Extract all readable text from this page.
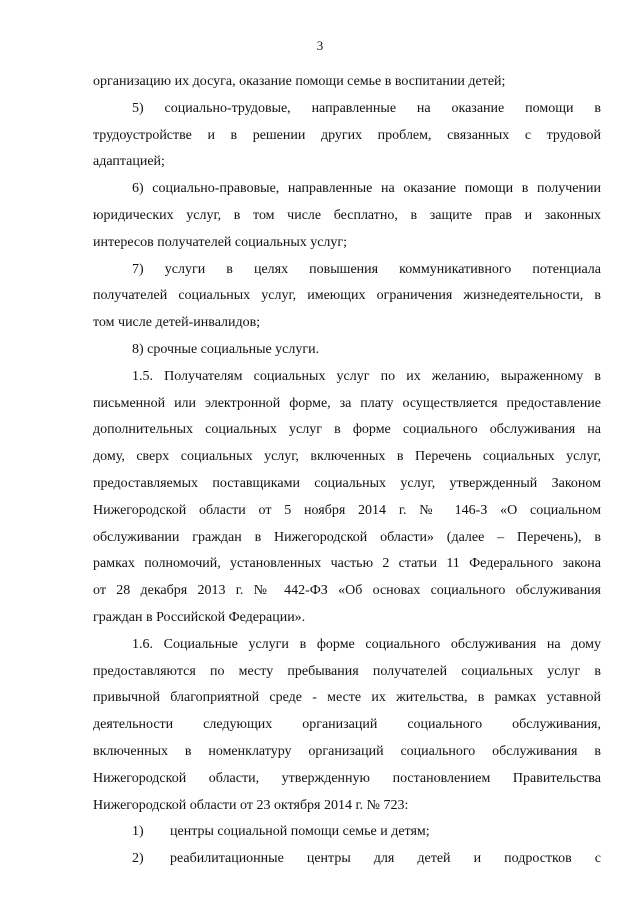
3
организацию их досуга, оказание помощи семье в воспитании детей;
5) социально-трудовые, направленные на оказание помощи в
трудоустройстве и в решении других проблем, связанных с трудовой
адаптацией;
6) социально-правовые, направленные на оказание помощи в получении
юридических услуг, в том числе бесплатно, в защите прав и законных
интересов получателей социальных услуг;
7) услуги в целях повышения коммуникативного потенциала
получателей социальных услуг, имеющих ограничения жизнедеятельности, в
том числе детей-инвалидов;
8) срочные социальные услуги.
1.5. Получателям социальных услуг по их желанию, выраженному в
письменной или электронной форме, за плату осуществляется предоставление
дополнительных социальных услуг в форме социального обслуживания на
дому, сверх социальных услуг, включенных в Перечень социальных услуг,
предоставляемых поставщиками социальных услуг, утвержденный Законом
Нижегородской области от 5 ноября 2014 г. № 146-З «О социальном
обслуживании граждан в Нижегородской области» (далее – Перечень), в
рамках полномочий, установленных частью 2 статьи 11 Федерального закона
от 28 декабря 2013 г. № 442-ФЗ «Об основах социального обслуживания
граждан в Российской Федерации».
1.6. Социальные услуги в форме социального обслуживания на дому
предоставляются по месту пребывания получателей социальных услуг в
привычной благоприятной среде - месте их жительства, в рамках уставной
деятельности следующих организаций социального обслуживания,
включенных в номенклатуру организаций социального обслуживания в
Нижегородской области, утвержденную постановлением Правительства
Нижегородской области от 23 октября 2014 г. № 723:
1)	центры социальной помощи семье и детям;
2)	реабилитационные центры для детей и подростков с
